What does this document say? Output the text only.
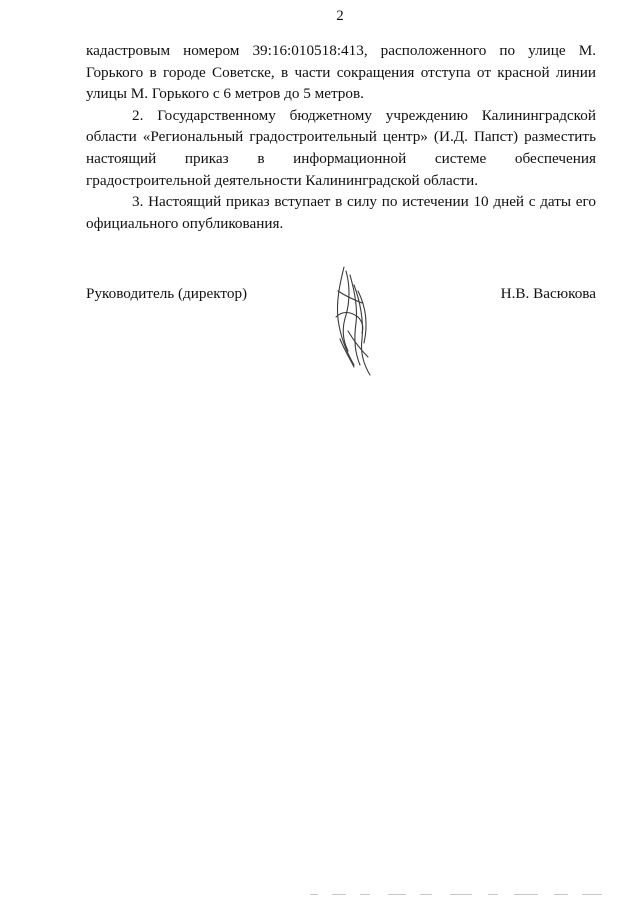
2

кадастровым номером 39:16:010518:413, расположенного по улице М. Горького в городе Советске, в части сокращения отступа от красной линии улицы М. Горького с 6 метров до 5 метров.

2. Государственному бюджетному учреждению Калининградской области «Региональный градостроительный центр» (И.Д. Папст) разместить настоящий приказ в информационной системе обеспечения градостроительной деятельности Калининградской области.

3. Настоящий приказ вступает в силу по истечении 10 дней с даты его официального опубликования.

Руководитель (директор)	Н.В. Васюкова
